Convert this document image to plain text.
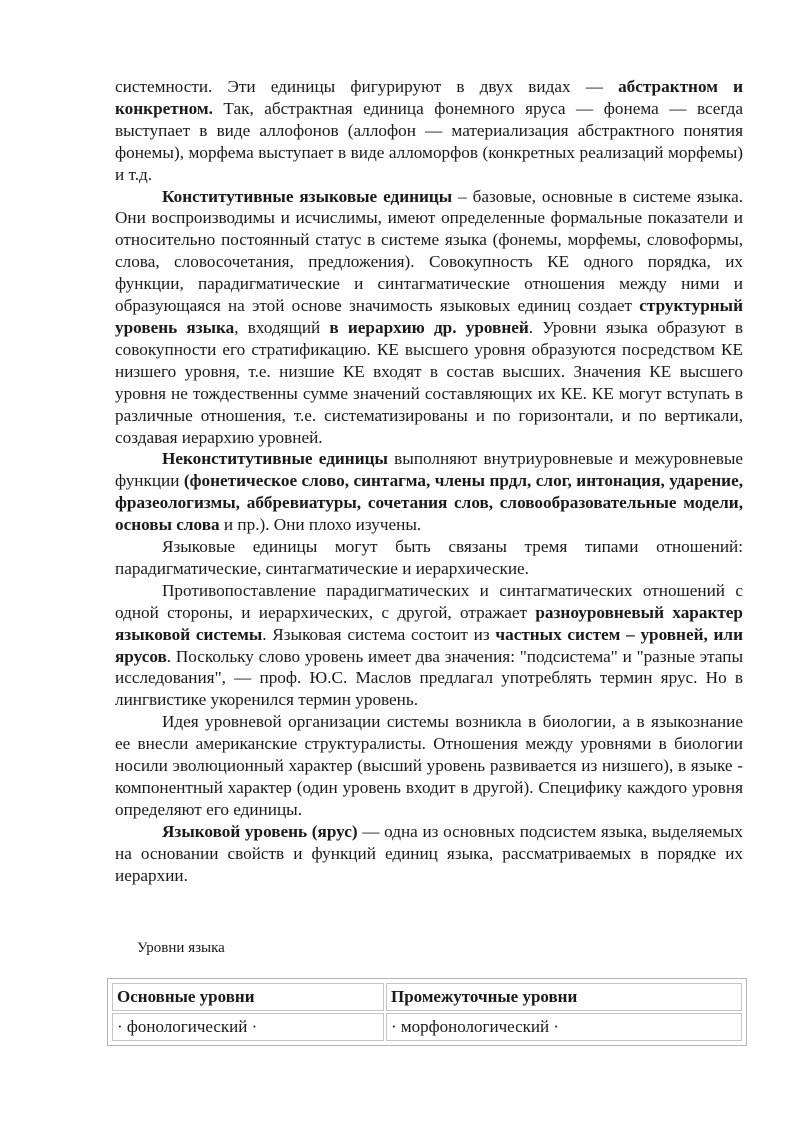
системности. Эти единицы фигурируют в двух видах — абстрактном и конкретном. Так, абстрактная единица фонемного яруса — фонема — всегда выступает в виде аллофонов (аллофон — материализация абстрактного понятия фонемы), морфема выступает в виде алломорфов (конкретных реализаций морфемы) и т.д.

Конститутивные языковые единицы – базовые, основные в системе языка. Они воспроизводимы и исчислимы, имеют определенные формальные показатели и относительно постоянный статус в системе языка (фонемы, морфемы, словоформы, слова, словосочетания, предложения). Совокупность КЕ одного порядка, их функции, парадигматические и синтагматические отношения между ними и образующаяся на этой основе значимость языковых единиц создает структурный уровень языка, входящий в иерархию др. уровней. Уровни языка образуют в совокупности его стратификацию. КЕ высшего уровня образуются посредством КЕ низшего уровня, т.е. низшие КЕ входят в состав высших. Значения КЕ высшего уровня не тождественны сумме значений составляющих их КЕ. КЕ могут вступать в различные отношения, т.е. систематизированы и по горизонтали, и по вертикали, создавая иерархию уровней.

Неконститутивные единицы выполняют внутриуровневые и межуровневые функции (фонетическое слово, синтагма, члены прдл, слог, интонация, ударение, фразеологизмы, аббревиатуры, сочетания слов, словообразовательные модели, основы слова и пр.). Они плохо изучены.

Языковые единицы могут быть связаны тремя типами отношений: парадигматические, синтагматические и иерархические.

Противопоставление парадигматических и синтагматических отношений с одной стороны, и иерархических, с другой, отражает разноуровневый характер языковой системы. Языковая система состоит из частных систем – уровней, или ярусов. Поскольку слово уровень имеет два значения: "подсистема" и "разные этапы исследования", — проф. Ю.С. Маслов предлагал употреблять термин ярус. Но в лингвистике укоренился термин уровень.

Идея уровневой организации системы возникла в биологии, а в языкознание ее внесли американские структуралисты. Отношения между уровнями в биологии носили эволюционный характер (высший уровень развивается из низшего), в языке - компонентный характер (один уровень входит в другой). Специфику каждого уровня определяют его единицы.

Языковой уровень (ярус) — одна из основных подсистем языка, выделяемых на основании свойств и функций единиц языка, рассматриваемых в порядке их иерархии.

Уровни языка
Основные уровни	Промежуточные уровни
· фонологический ·	· морфонологический ·
